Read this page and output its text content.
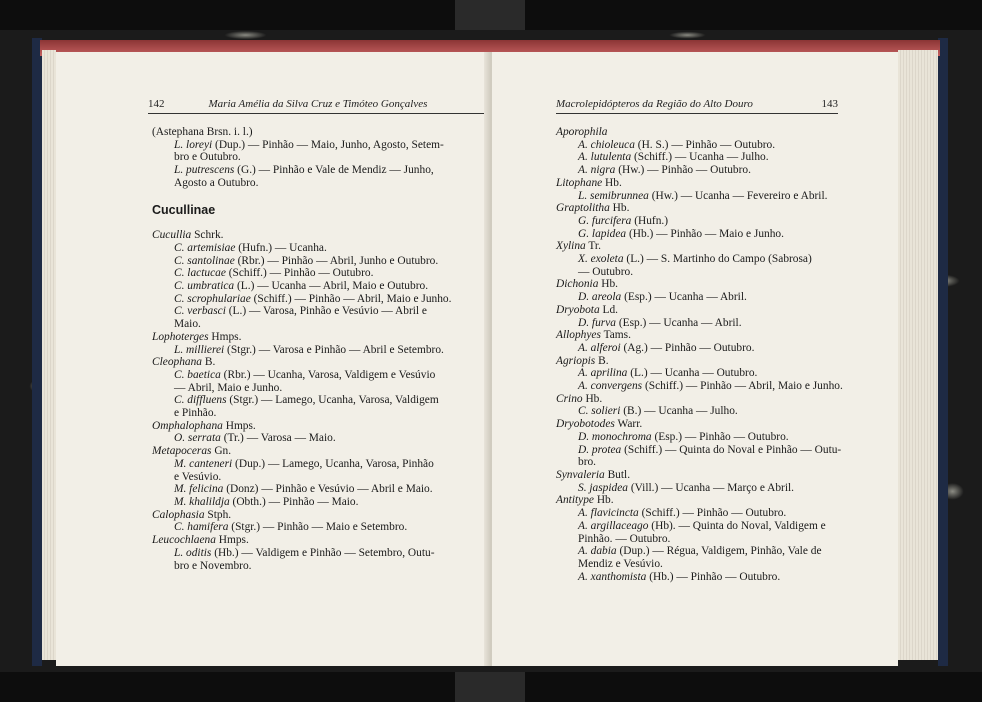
142	Maria Amélia da Silva Cruz e Timóteo Gonçalves
(Astephana Brsn. i. l.)
L. loreyi (Dup.) — Pinhão — Maio, Junho, Agosto, Setem-
bro e Outubro.
L. putrescens (G.) — Pinhão e Vale de Mendiz — Junho,
Agosto a Outubro.
Cucullinae
Cucullia Schrk.
C. artemisiae (Hufn.) — Ucanha.
C. santolinae (Rbr.) — Pinhão — Abril, Junho e Outubro.
C. lactucae (Schiff.) — Pinhão — Outubro.
C. umbratica (L.) — Ucanha — Abril, Maio e Outubro.
C. scrophulariae (Schiff.) — Pinhão — Abril, Maio e Junho.
C. verbasci (L.) — Varosa, Pinhão e Vesúvio — Abril e
Maio.
Lophoterges Hmps.
L. millierei (Stgr.) — Varosa e Pinhão — Abril e Setembro.
Cleophana B.
C. baetica (Rbr.) — Ucanha, Varosa, Valdigem e Vesúvio
— Abril, Maio e Junho.
C. diffluens (Stgr.) — Lamego, Ucanha, Varosa, Valdigem
e Pinhão.
Omphalophana Hmps.
O. serrata (Tr.) — Varosa — Maio.
Metapoceras Gn.
M. canteneri (Dup.) — Lamego, Ucanha, Varosa, Pinhão
e Vesúvio.
M. felicina (Donz) — Pinhão e Vesúvio — Abril e Maio.
M. khalildja (Obth.) — Pinhão — Maio.
Calophasia Stph.
C. hamifera (Stgr.) — Pinhão — Maio e Setembro.
Leucochlaena Hmps.
L. oditis (Hb.) — Valdigem e Pinhão — Setembro, Outu-
bro e Novembro.
Macrolepidópteros da Região do Alto Douro	143
Aporophila
A. chioleuca (H. S.) — Pinhão — Outubro.
A. lutulenta (Schiff.) — Ucanha — Julho.
A. nigra (Hw.) — Pinhão — Outubro.
Litophane Hb.
L. semibrunnea (Hw.) — Ucanha — Fevereiro e Abril.
Graptolitha Hb.
G. furcifera (Hufn.)
G. lapidea (Hb.) — Pinhão — Maio e Junho.
Xylina Tr.
X. exoleta (L.) — S. Martinho do Campo (Sabrosa)
— Outubro.
Dichonia Hb.
D. areola (Esp.) — Ucanha — Abril.
Dryobota Ld.
D. furva (Esp.) — Ucanha — Abril.
Allophyes Tams.
A. alferoi (Ag.) — Pinhão — Outubro.
Agriopis B.
A. aprilina (L.) — Ucanha — Outubro.
A. convergens (Schiff.) — Pinhão — Abril, Maio e Junho.
Crino Hb.
C. solieri (B.) — Ucanha — Julho.
Dryobotodes Warr.
D. monochroma (Esp.) — Pinhão — Outubro.
D. protea (Schiff.) — Quinta do Noval e Pinhão — Outu-
bro.
Synvaleria Butl.
S. jaspidea (Vill.) — Ucanha — Março e Abril.
Antitype Hb.
A. flavicincta (Schiff.) — Pinhão — Outubro.
A. argillaceago (Hb). — Quinta do Noval, Valdigem e
Pinhão. — Outubro.
A. dabia (Dup.) — Régua, Valdigem, Pinhão, Vale de
Mendiz e Vesúvio.
A. xanthomista (Hb.) — Pinhão — Outubro.
